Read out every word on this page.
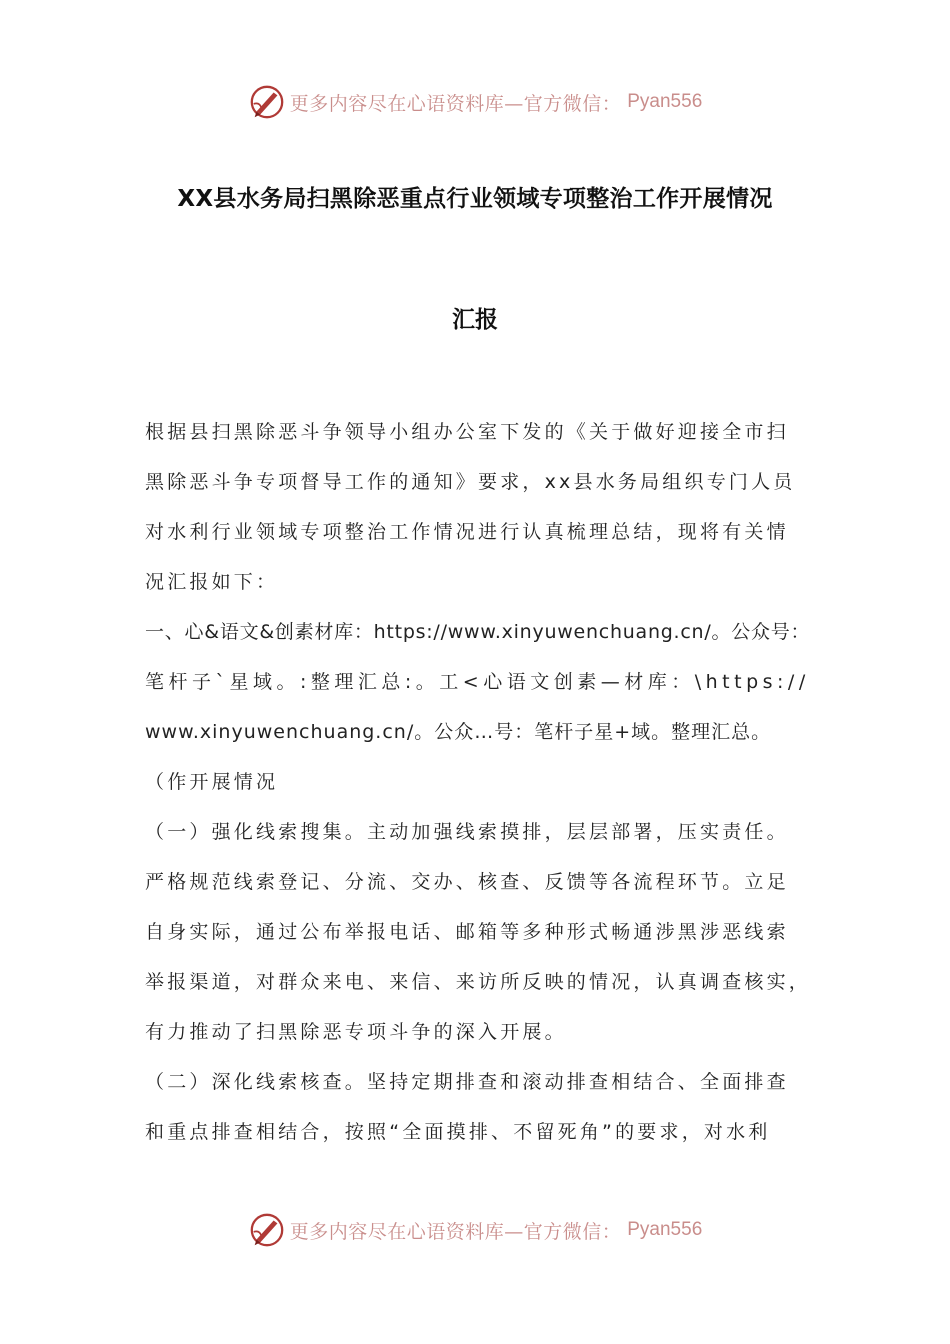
更多内容尽在心语资料库—官方微信： Pyan556
XX县水务局扫黑除恶重点行业领域专项整治工作开展情况
汇报
根据县扫黑除恶斗争领导小组办公室下发的《关于做好迎接全市扫
黑除恶斗争专项督导工作的通知》要求，xx县水务局组织专门人员
对水利行业领域专项整治工作情况进行认真梳理总结，现将有关情
况汇报如下：
一、心&语文&创素材库：https://www.xinyuwenchuang.cn/。公众号：
笔杆子`星域。:整理汇总:。工<心语文创素—材库：\https://
www.xinyuwenchuang.cn/。公众…号：笔杆子星+域。整理汇总。
（作开展情况
（一）强化线索搜集。主动加强线索摸排，层层部署，压实责任。
严格规范线索登记、分流、交办、核查、反馈等各流程环节。立足
自身实际，通过公布举报电话、邮箱等多种形式畅通涉黑涉恶线索
举报渠道，对群众来电、来信、来访所反映的情况，认真调查核实，
有力推动了扫黑除恶专项斗争的深入开展。
（二）深化线索核查。坚持定期排查和滚动排查相结合、全面排查
和重点排查相结合，按照“全面摸排、不留死角”的要求，对水利
更多内容尽在心语资料库—官方微信： Pyan556
